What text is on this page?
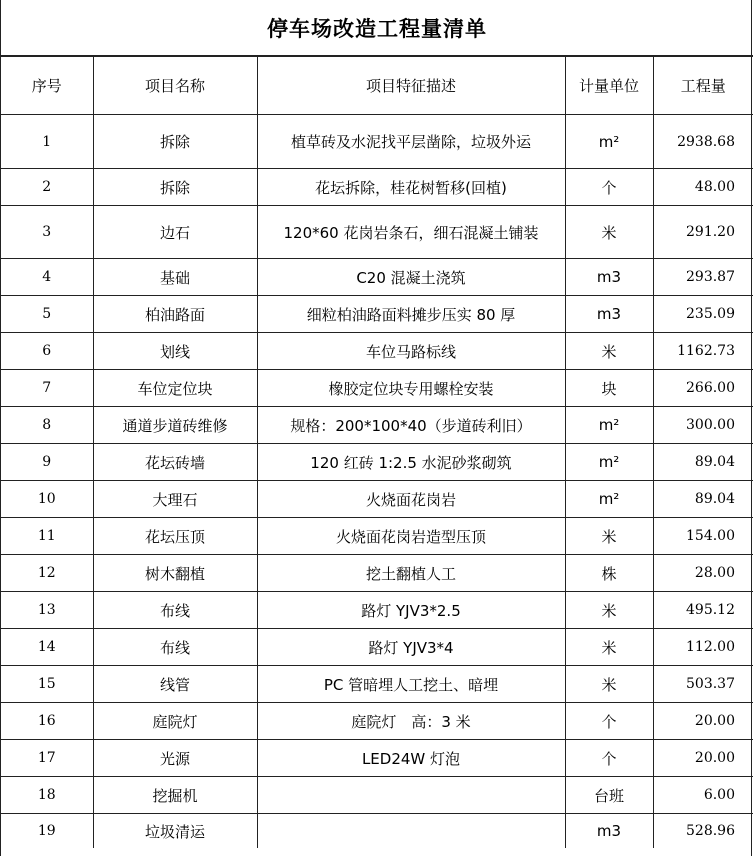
停车场改造工程量清单
序号	项目名称	项目特征描述	计量单位	工程量
1	拆除	植草砖及水泥找平层凿除，垃圾外运	m²	2938.68
2	拆除	花坛拆除，桂花树暂移(回植)	个	48.00
3	边石	120*60 花岗岩条石，细石混凝土铺装	米	291.20
4	基础	C20 混凝土浇筑	m3	293.87
5	柏油路面	细粒柏油路面料摊步压实 80 厚	m3	235.09
6	划线	车位马路标线	米	1162.73
7	车位定位块	橡胶定位块专用螺栓安装	块	266.00
8	通道步道砖维修	规格：200*100*40（步道砖利旧）	m²	300.00
9	花坛砖墙	120 红砖 1:2.5 水泥砂浆砌筑	m²	89.04
10	大理石	火烧面花岗岩	m²	89.04
11	花坛压顶	火烧面花岗岩造型压顶	米	154.00
12	树木翻植	挖土翻植人工	株	28.00
13	布线	路灯 YJV3*2.5	米	495.12
14	布线	路灯 YJV3*4	米	112.00
15	线管	PC 管暗埋人工挖土、暗埋	米	503.37
16	庭院灯	庭院灯　高：3 米	个	20.00
17	光源	LED24W 灯泡	个	20.00
18	挖掘机		台班	6.00
19	垃圾清运		m3	528.96
